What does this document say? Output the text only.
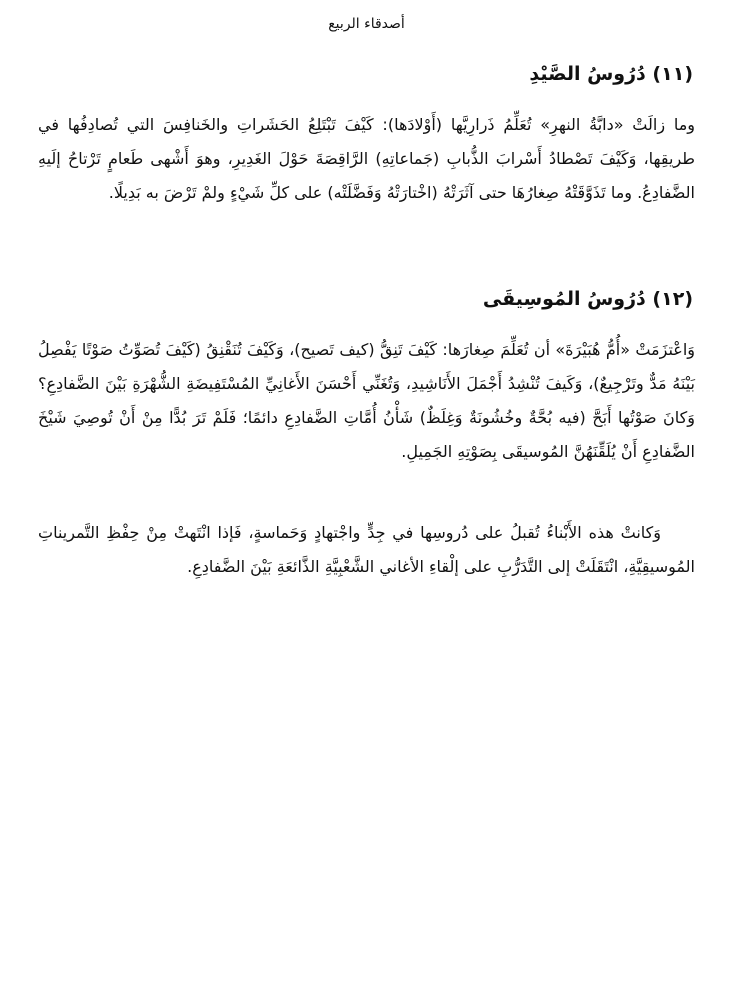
أصدقاء الربيع
(١١) دُرُوسُ الصَّيْدِ

وما زالَتْ «دابَّةُ النهرِ» تُعَلِّمُ ذَرارِيَّها (أَوْلادَها): كَيْفَ تَبْتَلِعُ الحَشَراتِ والخَنافِسَ التي تُصادِفُها في طريقِها، وَكَيْفَ تَصْطادُ أَسْرابَ الذُّبابِ (جَماعاتِهِ) الرَّاقِصَةَ حَوْلَ الغَدِيرِ، وهوَ أَشْهى طَعامٍ تَرْتاحُ إلَيهِ الضَّفادِعُ. وما تَذَوَّقَتْهُ صِغارُهَا حتى آثَرَتْهُ (اخْتارَتْهُ وَفَضَّلَتْه) على كلِّ شَيْءٍ ولمْ تَرْضَ به بَدِيلًا.

(١٢) دُرُوسُ المُوسِيقَى

وَاعْتزَمَتْ «أُمُّ هُبَيْرَةَ» أن تُعَلِّمَ صِغارَها: كَيْفَ تَنِقُّ (كيف تَصيح)، وَكَيْفَ تُنَقْنِقُ (كَيْفَ تُصَوِّتُ صَوْتًا يَفْصِلُ بَيْنَهُ مَدٌّ وتَرْجِيعٌ)، وَكَيفَ تُنْشِدُ أَجْمَلَ الأَنَاشِيدِ، وَتُغَنِّي أَحْسَنَ الأَغانِيِّ المُسْتَفِيضَةِ الشُّهْرَةِ بَيْنَ الضَّفادِعِ؟ وَكانَ صَوْتُها أَبَحَّ (فيه بُحَّةٌ وخُشُونَةٌ وَغِلَظٌ) شَأْنُ أُمَّاتِ الضَّفادِعِ دائمًا؛ فَلَمْ تَرَ بُدًّا مِنْ أَنْ تُوصِيَ شَيْخَ الضَّفادِعِ أَنْ يُلَقِّنَهُنَّ المُوسيقَى بِصَوْتِهِ الجَمِيلِ.

وَكانتْ هذه الأَبْناءُ تُقبلُ على دُروسِها في جِدٍّ واجْتهادٍ وَحَماسةٍ، فَإذا انْتَهتْ مِنْ حِفْظِ التَّمريناتِ المُوسيقِيَّةِ، انْتَقَلَتْ إلى التَّدَرُّبِ على إلْقاءِ الأغاني الشَّعْبِيَّةِ الذَّائعَةِ بَيْنَ الضَّفادِعِ.
